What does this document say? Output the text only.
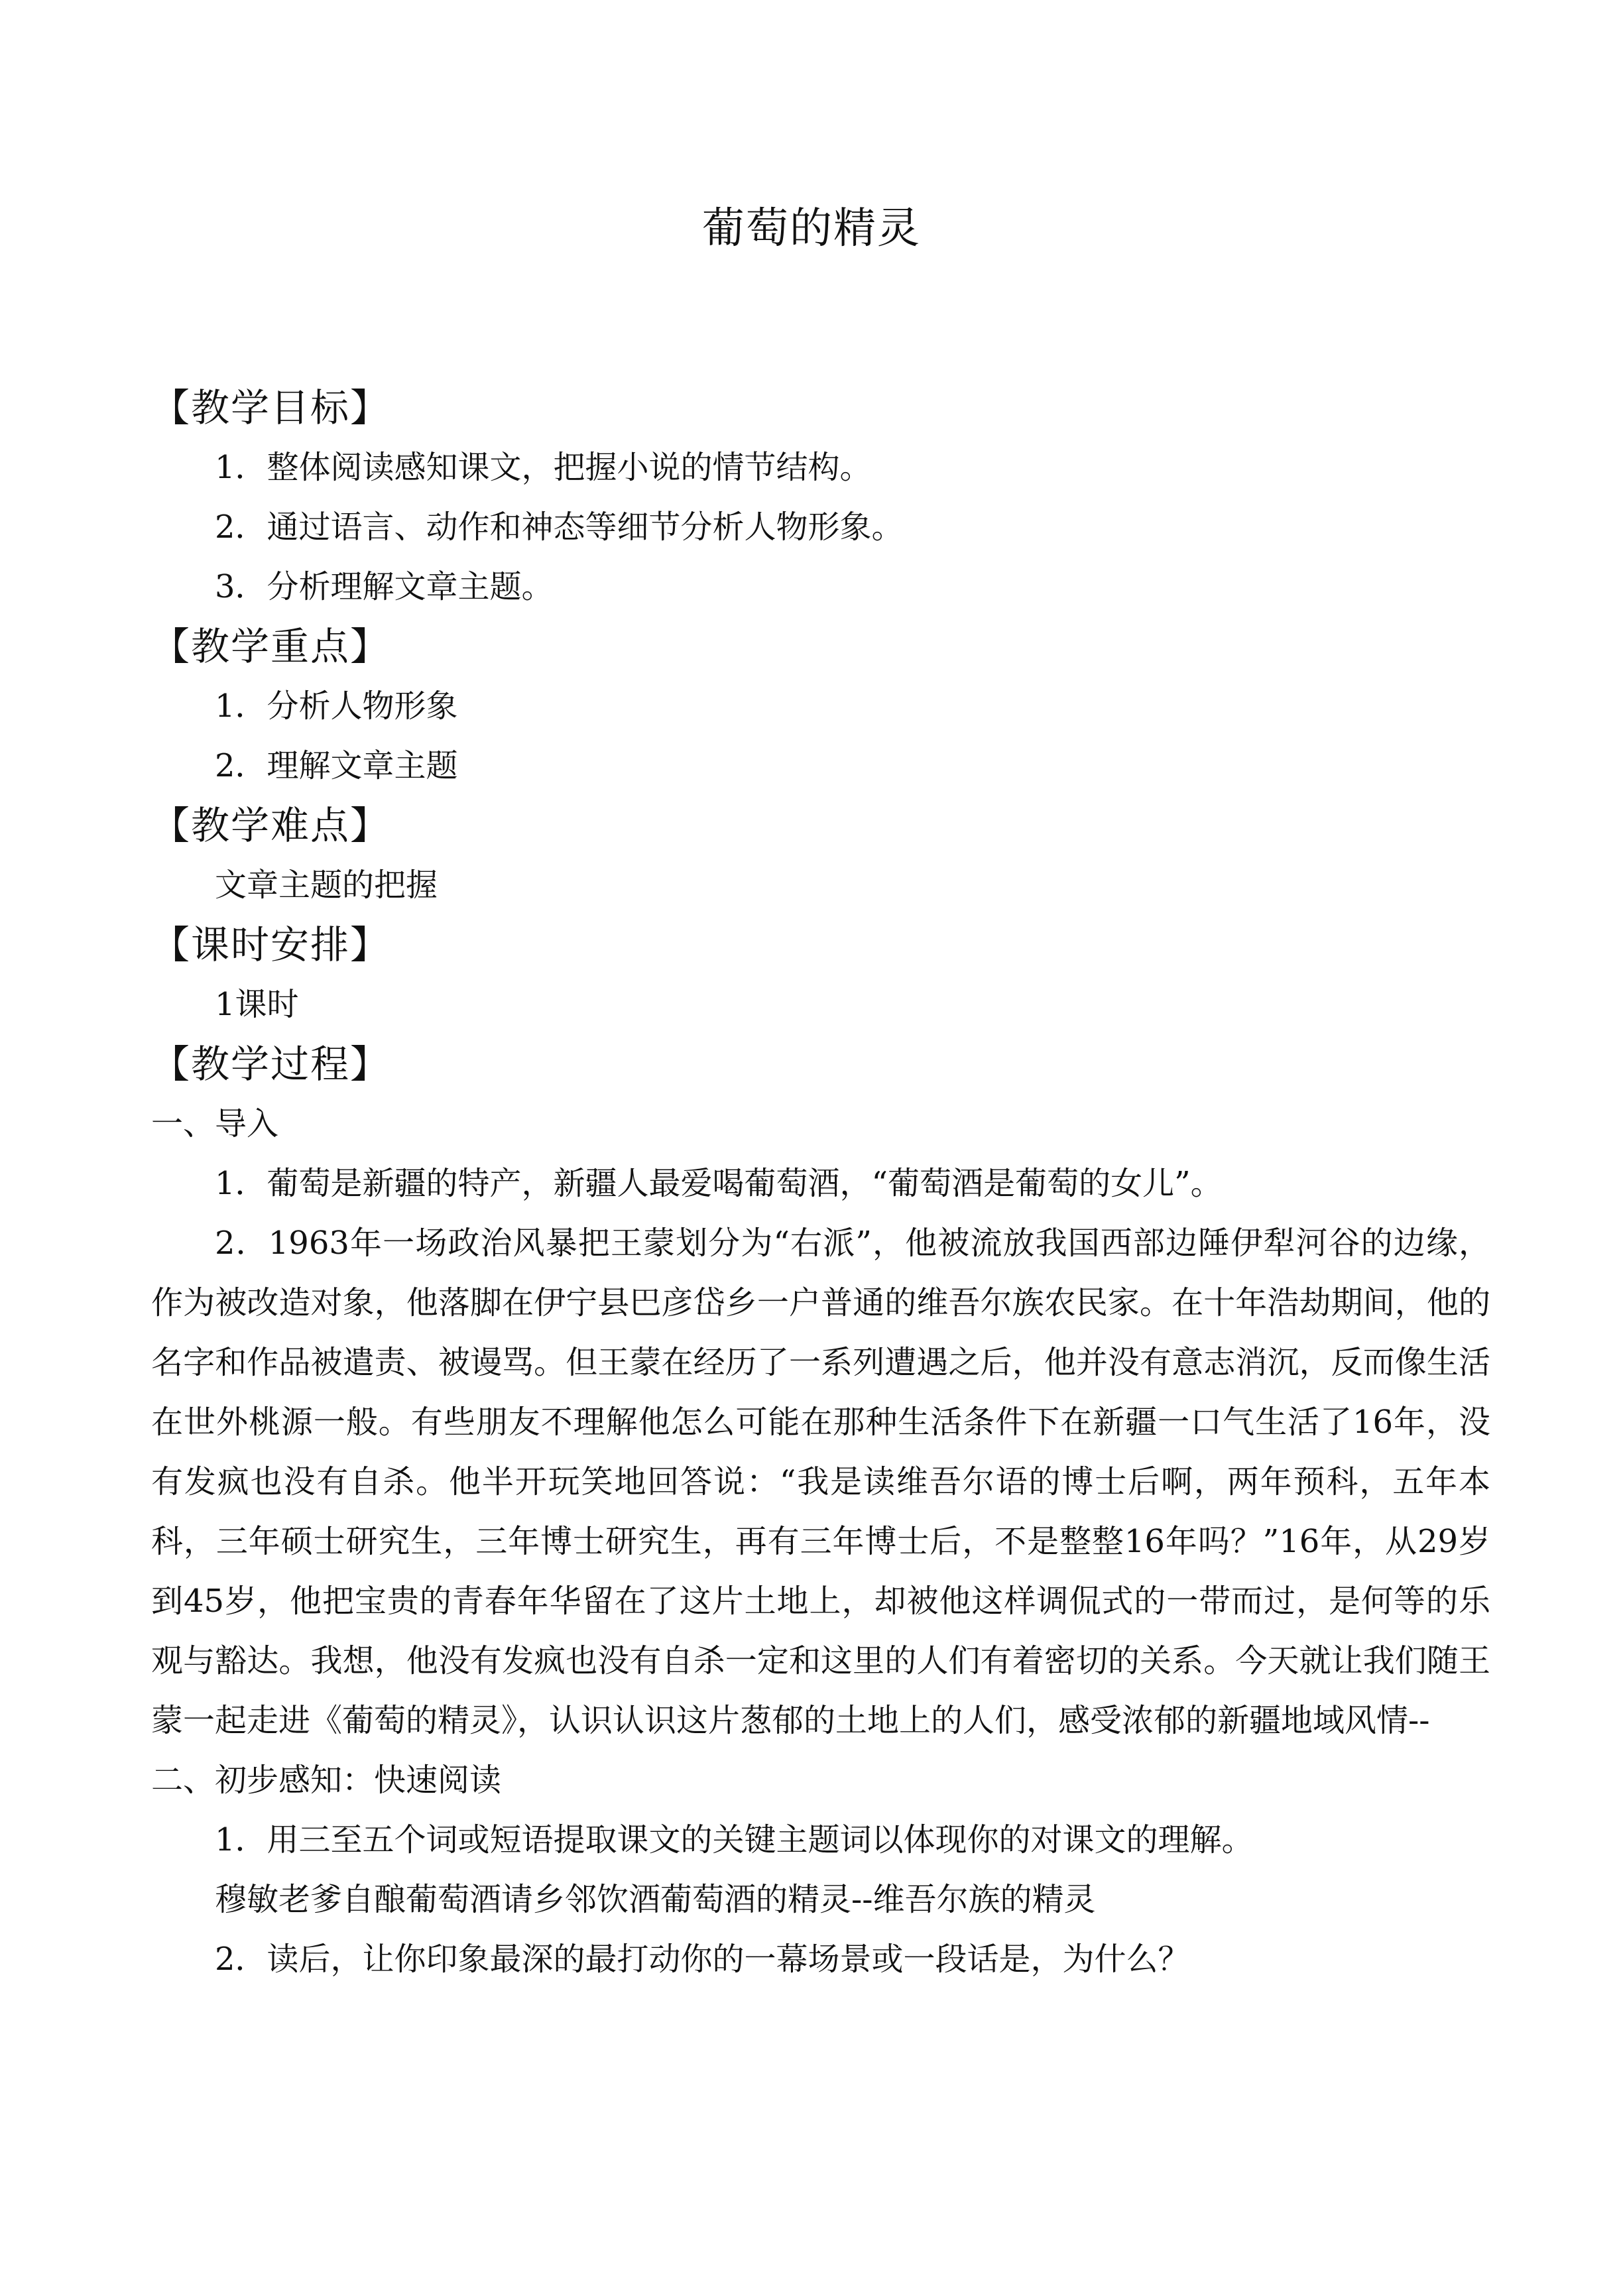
葡萄的精灵
【教学目标】
1．整体阅读感知课文，把握小说的情节结构。
2．通过语言、动作和神态等细节分析人物形象。
3．分析理解文章主题。
【教学重点】
1．分析人物形象
2．理解文章主题
【教学难点】
文章主题的把握
【课时安排】
1课时
【教学过程】
一、导入
1．葡萄是新疆的特产，新疆人最爱喝葡萄酒，“葡萄酒是葡萄的女儿”。

2．1963年一场政治风暴把王蒙划分为“右派”，他被流放我国西部边陲伊犁河谷的边缘，作为被改造对象，他落脚在伊宁县巴彦岱乡一户普通的维吾尔族农民家。在十年浩劫期间，他的名字和作品被遣责、被谩骂。但王蒙在经历了一系列遭遇之后，他并没有意志消沉，反而像生活在世外桃源一般。有些朋友不理解他怎么可能在那种生活条件下在新疆一口气生活了16年，没有发疯也没有自杀。他半开玩笑地回答说：“我是读维吾尔语的博士后啊，两年预科，五年本科，三年硕士研究生，三年博士研究生，再有三年博士后，不是整整16年吗？”16年，从29岁到45岁，他把宝贵的青春年华留在了这片土地上，却被他这样调侃式的一带而过，是何等的乐观与豁达。我想，他没有发疯也没有自杀一定和这里的人们有着密切的关系。今天就让我们随王蒙一起走进《葡萄的精灵》，认识认识这片葱郁的土地上的人们，感受浓郁的新疆地域风情--

二、初步感知：快速阅读
1．用三至五个词或短语提取课文的关键主题词以体现你的对课文的理解。
穆敏老爹自酿葡萄酒请乡邻饮酒葡萄酒的精灵--维吾尔族的精灵
2．读后，让你印象最深的最打动你的一幕场景或一段话是，为什么？
